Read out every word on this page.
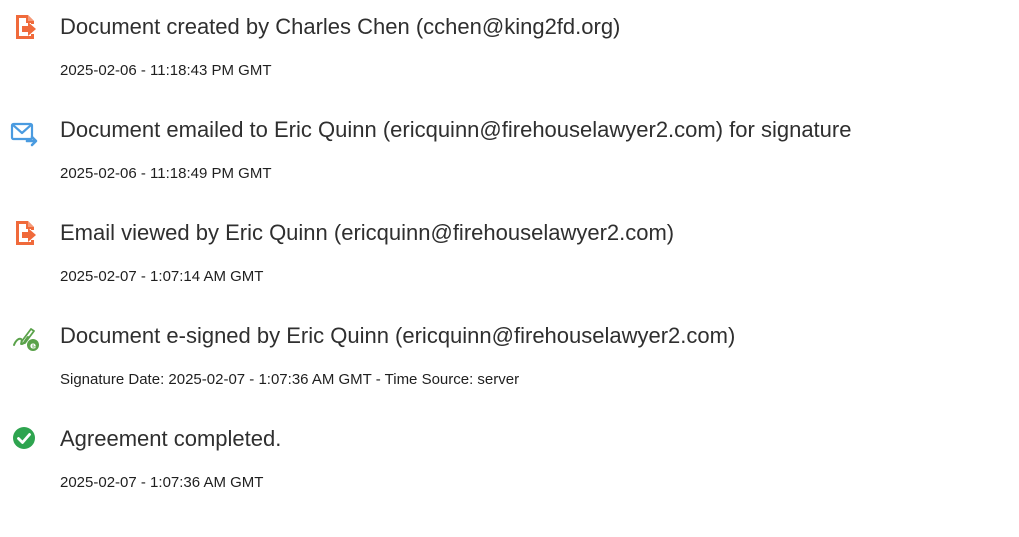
Document created by Charles Chen (cchen@king2fd.org)
2025-02-06 - 11:18:43 PM GMT
Document emailed to Eric Quinn (ericquinn@firehouselawyer2.com) for signature
2025-02-06 - 11:18:49 PM GMT
Email viewed by Eric Quinn (ericquinn@firehouselawyer2.com)
2025-02-07 - 1:07:14 AM GMT
e Document e-signed by Eric Quinn (ericquinn@firehouselawyer2.com)
Signature Date: 2025-02-07 - 1:07:36 AM GMT - Time Source: server
Agreement completed.
2025-02-07 - 1:07:36 AM GMT
